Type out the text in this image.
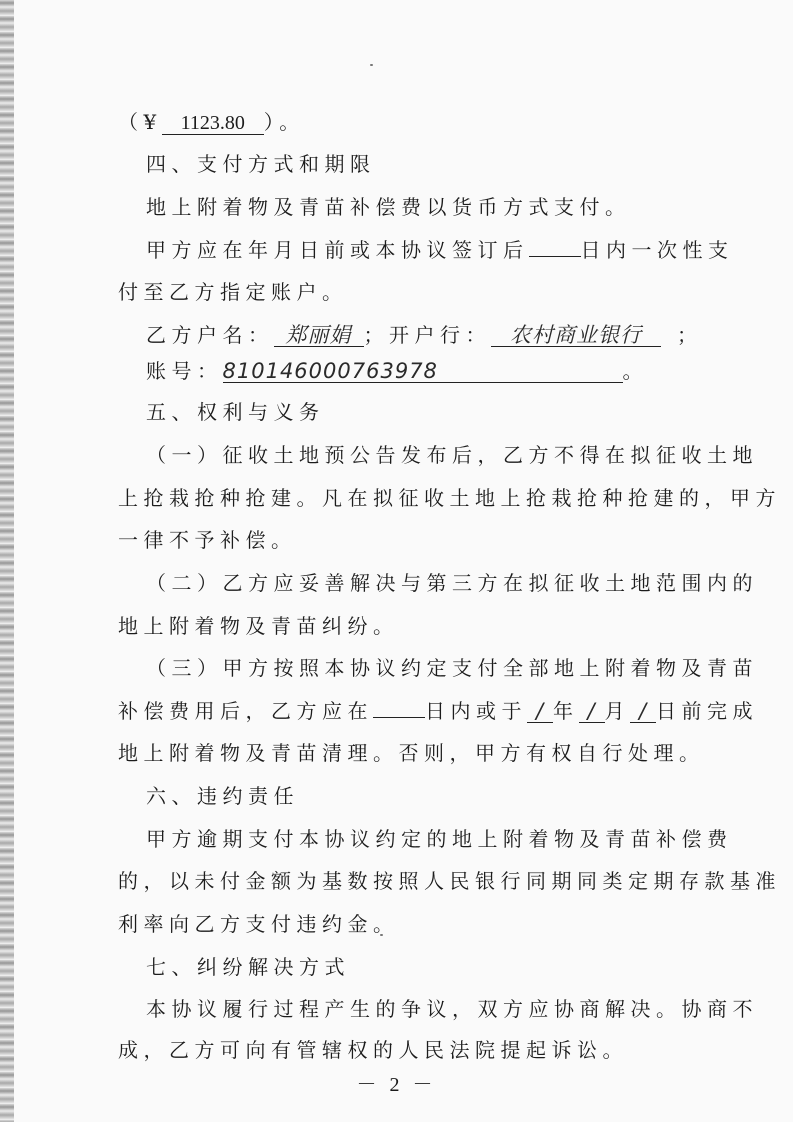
（¥ 1123.80 ）。
四、支付方式和期限
地上附着物及青苗补偿费以货币方式支付。
甲方应在年月日前或本协议签订后	日内一次性支
付至乙方指定账户。
乙方户名： 郑丽娟 ；开户行： 农村商业银行 ；
账号：810146000763978	。
五、权利与义务
（一）征收土地预公告发布后，乙方不得在拟征收土地
上抢栽抢种抢建。凡在拟征收土地上抢栽抢种抢建的，甲方
一律不予补偿。
（二）乙方应妥善解决与第三方在拟征收土地范围内的
地上附着物及青苗纠纷。
（三）甲方按照本协议约定支付全部地上附着物及青苗
补偿费用后，乙方应在	日内或于 / 年 / 月 / 日前完成
地上附着物及青苗清理。否则，甲方有权自行处理。
六、违约责任
甲方逾期支付本协议约定的地上附着物及青苗补偿费
的，以未付金额为基数按照人民银行同期同类定期存款基准
利率向乙方支付违约金。
七、纠纷解决方式
本协议履行过程产生的争议，双方应协商解决。协商不
成，乙方可向有管辖权的人民法院提起诉讼。
－ 2 －
